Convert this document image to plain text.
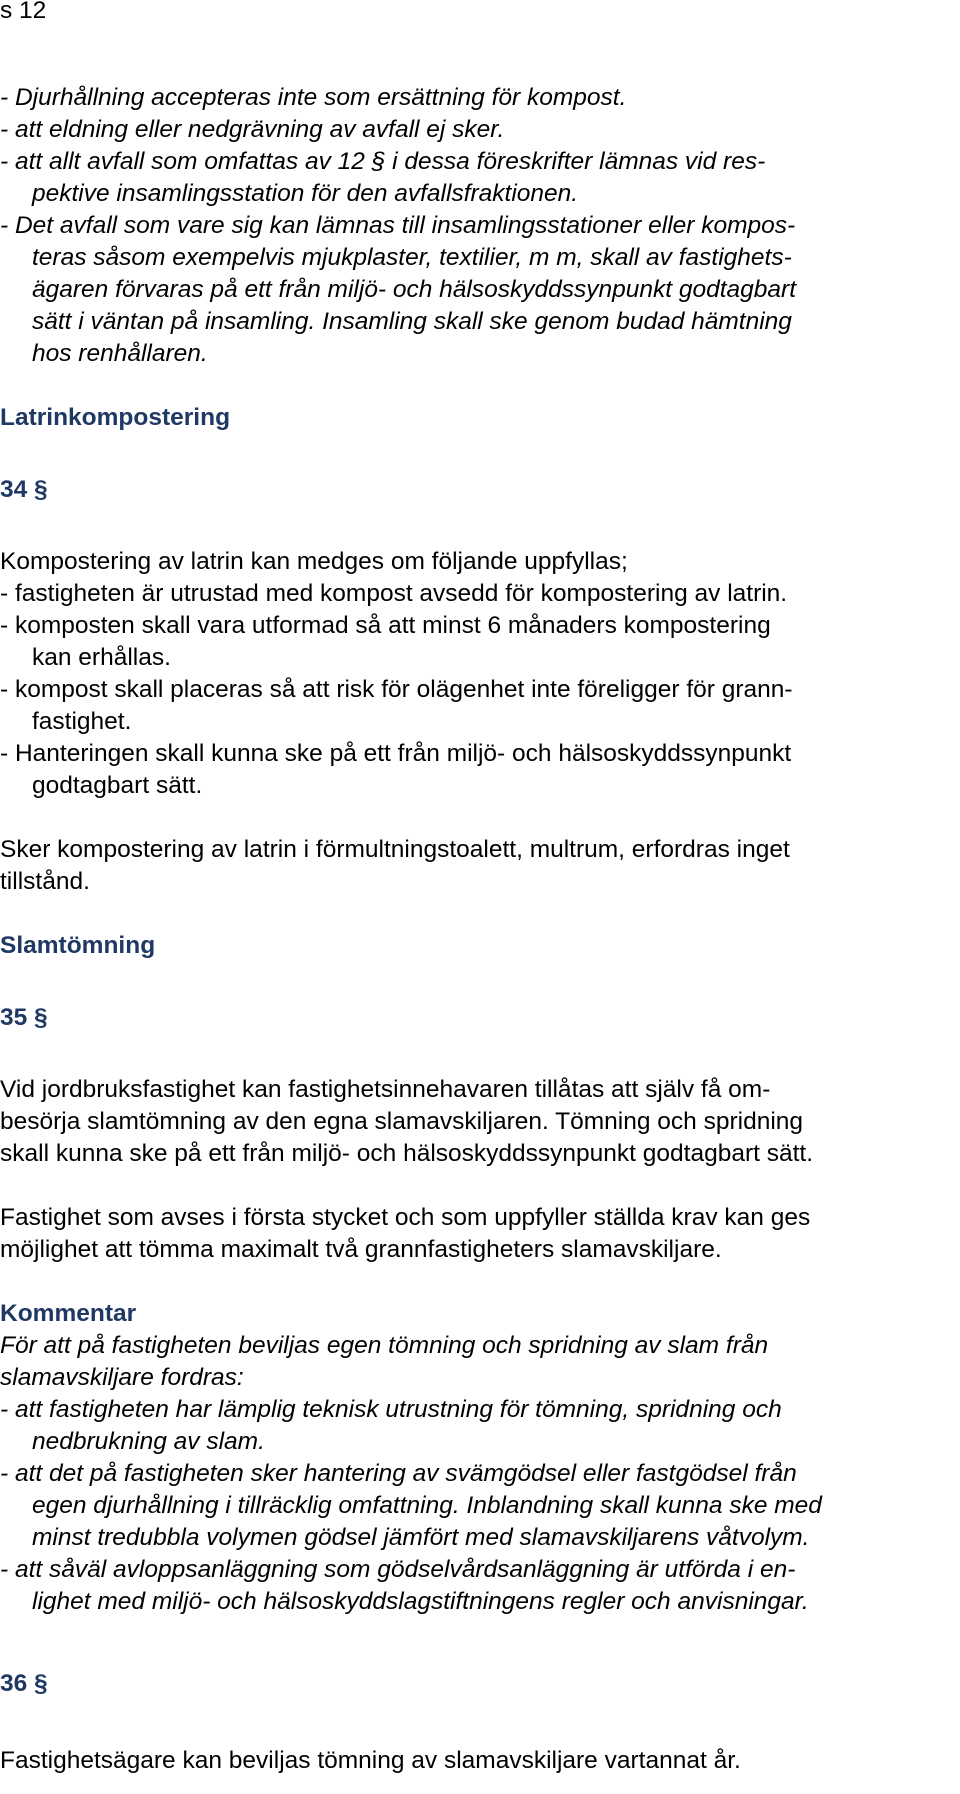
s 12
- Djurhållning accepteras inte som ersättning för kompost.
- att eldning eller nedgrävning av avfall ej sker.
- att allt avfall som omfattas av 12 § i dessa föreskrifter lämnas vid res-
pektive insamlingsstation för den avfallsfraktionen.
- Det avfall som vare sig kan lämnas till insamlingsstationer eller kompos-
teras såsom exempelvis mjukplaster, textilier, m m, skall av fastighets-
ägaren förvaras på ett från miljö- och hälsoskyddssynpunkt godtagbart
sätt i väntan på insamling. Insamling skall ske genom budad hämtning
hos renhållaren.
Latrinkompostering
34 §
Kompostering av latrin kan medges om följande uppfyllas;
- fastigheten är utrustad med kompost avsedd för kompostering av latrin.
- komposten skall vara utformad så att minst 6 månaders kompostering
kan erhållas.
- kompost skall placeras så att risk för olägenhet inte föreligger för grann-
fastighet.
- Hanteringen skall kunna ske på ett från miljö- och hälsoskyddssynpunkt
godtagbart sätt.
Sker kompostering av latrin i förmultningstoalett, multrum, erfordras inget
tillstånd.
Slamtömning
35 §
Vid jordbruksfastighet kan fastighetsinnehavaren tillåtas att själv få om-
besörja slamtömning av den egna slamavskiljaren. Tömning och spridning
skall kunna ske på ett från miljö- och hälsoskyddssynpunkt godtagbart sätt.
Fastighet som avses i första stycket och som uppfyller ställda krav kan ges
möjlighet att tömma maximalt två grannfastigheters slamavskiljare.
Kommentar
För att på fastigheten beviljas egen tömning och spridning av slam från
slamavskiljare fordras:
- att fastigheten har lämplig teknisk utrustning för tömning, spridning och
nedbrukning av slam.
- att det på fastigheten sker hantering av svämgödsel eller fastgödsel från
egen djurhållning i tillräcklig omfattning. Inblandning skall kunna ske med
minst tredubbla volymen gödsel jämfört med slamavskiljarens våtvolym.
- att såväl avloppsanläggning som gödselvårdsanläggning är utförda i en-
lighet med miljö- och hälsoskyddslagstiftningens regler och anvisningar.
36 §
Fastighetsägare kan beviljas tömning av slamavskiljare vartannat år.
